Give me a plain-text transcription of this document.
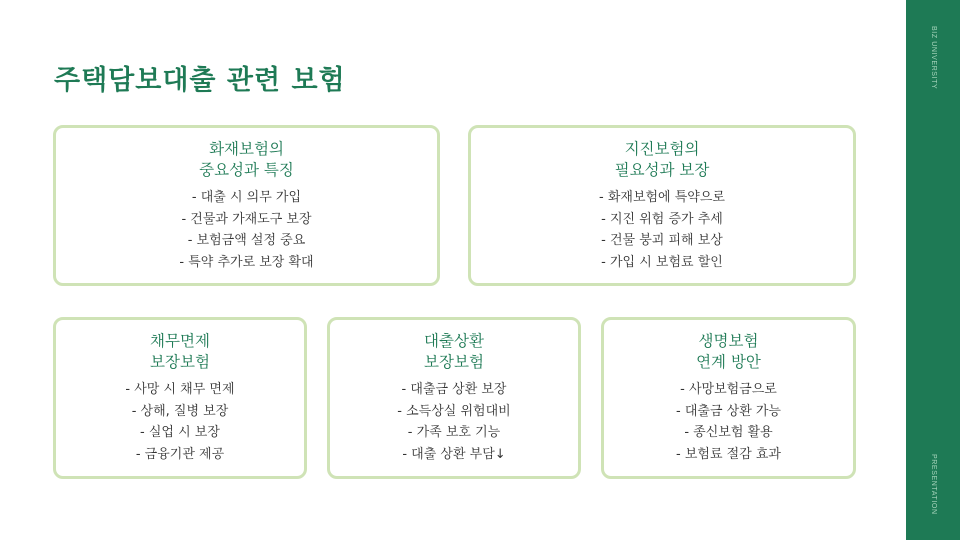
주택담보대출 관련 보험	BIZ UNIVERSITY
PRESENTATION
화재보험의
중요성과 특징
- 대출 시 의무 가입
- 건물과 가재도구 보장
- 보험금액 설정 중요
- 특약 추가로 보장 확대
지진보험의
필요성과 보장
- 화재보험에 특약으로
- 지진 위험 증가 추세
- 건물 붕괴 피해 보상
- 가입 시 보험료 할인
채무면제
보장보험
- 사망 시 채무 면제
- 상해, 질병 보장
- 실업 시 보장
- 금융기관 제공
대출상환
보장보험
- 대출금 상환 보장
- 소득상실 위험대비
- 가족 보호 기능
- 대출 상환 부담↓
생명보험
연계 방안
- 사망보험금으로
- 대출금 상환 가능
- 종신보험 활용
- 보험료 절감 효과
